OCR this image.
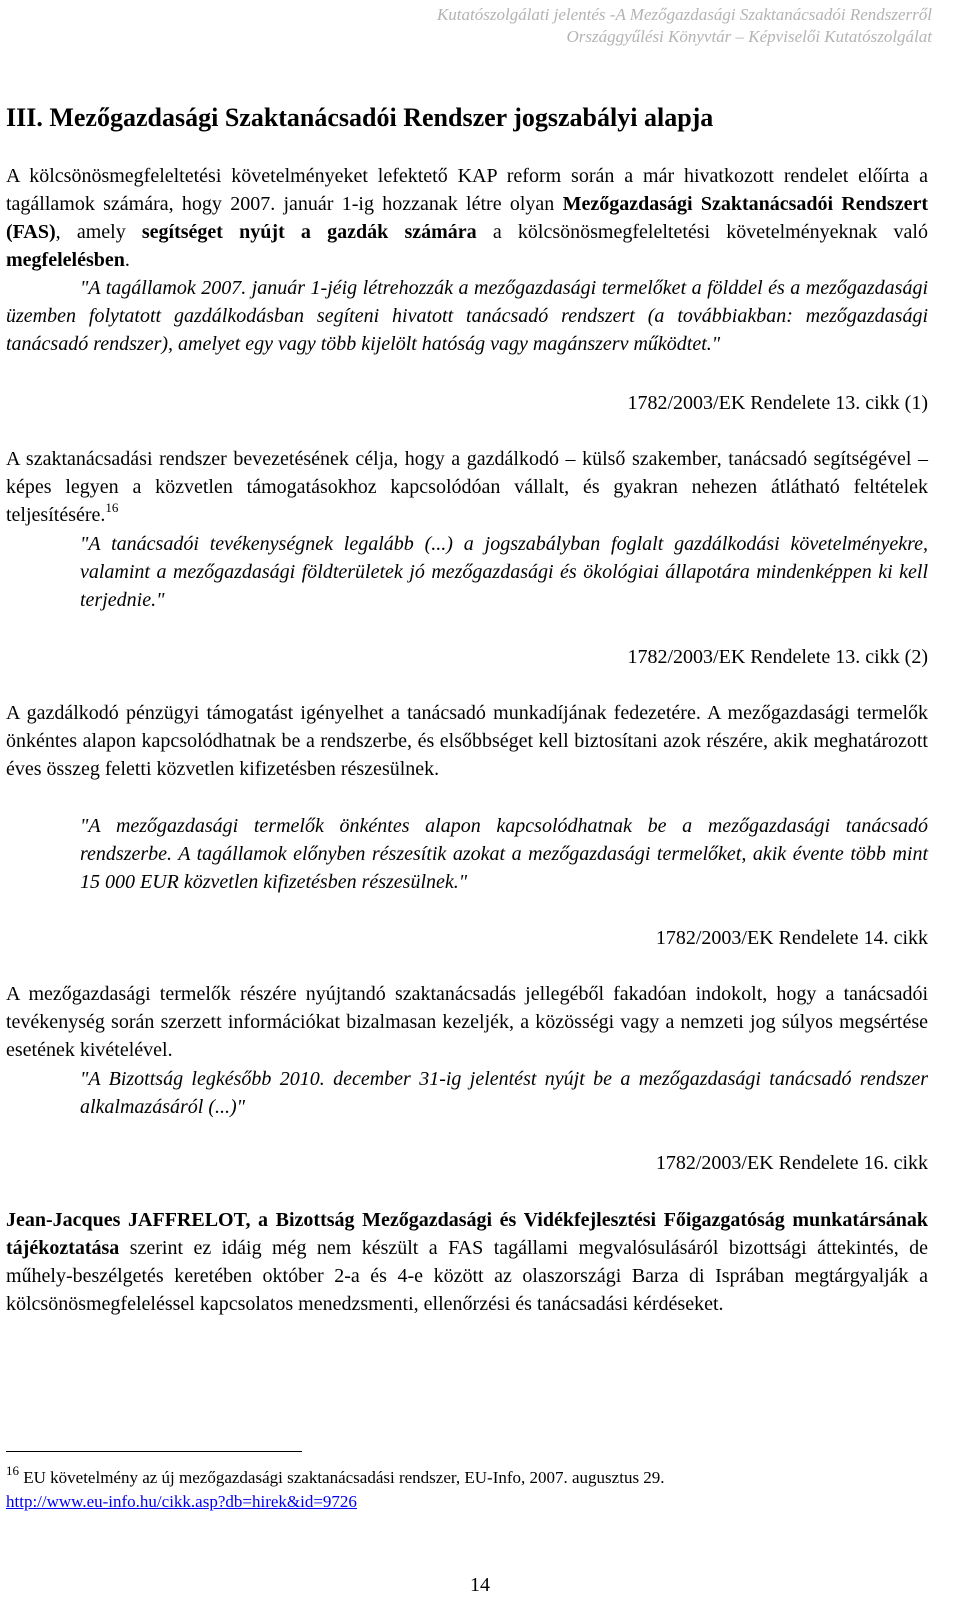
Kutatószolgálati jelentés -A Mezőgazdasági Szaktanácsadói Rendszerről
Országgyűlési Könyvtár – Képviselői Kutatószolgálat
III. Mezőgazdasági Szaktanácsadói Rendszer jogszabályi alapja

A kölcsönösmegfeleltetési követelményeket lefektető KAP reform során a már hivatkozott rendelet előírta a tagállamok számára, hogy 2007. január 1-ig hozzanak létre olyan Mezőgazdasági Szaktanácsadói Rendszert (FAS), amely segítséget nyújt a gazdák számára a kölcsönösmegfeleltetési követelményeknak való megfelelésben.

"A tagállamok 2007. január 1-jéig létrehozzák a mezőgazdasági termelőket a földdel és a mezőgazdasági üzemben folytatott gazdálkodásban segíteni hivatott tanácsadó rendszert (a továbbiakban: mezőgazdasági tanácsadó rendszer), amelyet egy vagy több kijelölt hatóság vagy magánszerv működtet."

1782/2003/EK Rendelete 13. cikk (1)

A szaktanácsadási rendszer bevezetésének célja, hogy a gazdálkodó – külső szakember, tanácsadó segítségével – képes legyen a közvetlen támogatásokhoz kapcsolódóan vállalt, és gyakran nehezen átlátható feltételek teljesítésére.$^{16}$

"A tanácsadói tevékenységnek legalább (...) a jogszabályban foglalt gazdálkodási követelményekre, valamint a mezőgazdasági földterületek jó mezőgazdasági és ökológiai állapotára mindenképpen ki kell terjednie."

1782/2003/EK Rendelete 13. cikk (2)

A gazdálkodó pénzügyi támogatást igényelhet a tanácsadó munkadíjának fedezetére. A mezőgazdasági termelők önkéntes alapon kapcsolódhatnak be a rendszerbe, és elsőbbséget kell biztosítani azok részére, akik meghatározott éves összeg feletti közvetlen kifizetésben részesülnek.

"A mezőgazdasági termelők önkéntes alapon kapcsolódhatnak be a mezőgazdasági tanácsadó rendszerbe. A tagállamok előnyben részesítik azokat a mezőgazdasági termelőket, akik évente több mint 15 000 EUR közvetlen kifizetésben részesülnek."

1782/2003/EK Rendelete 14. cikk

A mezőgazdasági termelők részére nyújtandó szaktanácsadás jellegéből fakadóan indokolt, hogy a tanácsadói tevékenység során szerzett információkat bizalmasan kezeljék, a közösségi vagy a nemzeti jog súlyos megsértése esetének kivételével.

"A Bizottság legkésőbb 2010. december 31-ig jelentést nyújt be a mezőgazdasági tanácsadó rendszer alkalmazásáról (...)"

1782/2003/EK Rendelete 16. cikk

Jean-Jacques JAFFRELOT, a Bizottság Mezőgazdasági és Vidékfejlesztési Főigazgatóság munkatársának tájékoztatása szerint ez idáig még nem készült a FAS tagállami megvalósulásáról bizottsági áttekintés, de műhely-beszélgetés keretében október 2-a és 4-e között az olaszországi Barza di Isprában megtárgyalják a kölcsönösmegfeleléssel kapcsolatos menedzsmenti, ellenőrzési és tanácsadási kérdéseket.

$^{16}$ EU követelmény az új mezőgazdasági szaktanácsadási rendszer, EU-Info, 2007. augusztus 29.
http://www.eu-info.hu/cikk.asp?db=hirek&id=9726
14
